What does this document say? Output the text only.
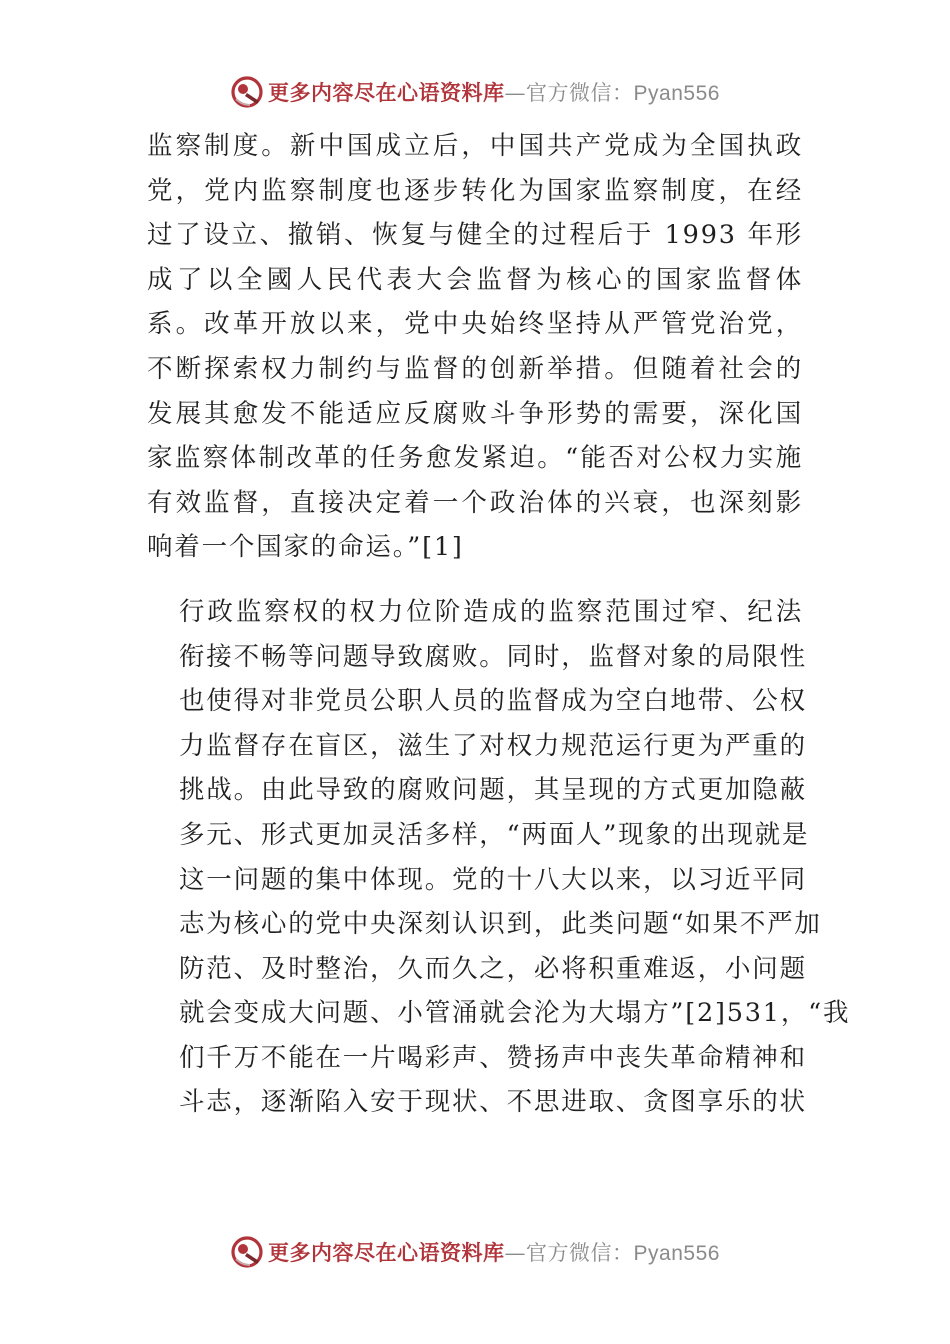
更多内容尽在心语资料库—官方微信：Pyan556

监察制度。新中国成立后，中国共产党成为全国执政
党，党内监察制度也逐步转化为国家监察制度，在经
过了设立、撤销、恢复与健全的过程后于 1993 年形
成了以全國人民代表大会监督为核心的国家监督体
系。改革开放以来，党中央始终坚持从严管党治党，
不断探索权力制约与监督的创新举措。但随着社会的
发展其愈发不能适应反腐败斗争形势的需要，深化国
家监察体制改革的任务愈发紧迫。“能否对公权力实施
有效监督，直接决定着一个政治体的兴衰，也深刻影
响着一个国家的命运。”[1]

行政监察权的权力位阶造成的监察范围过窄、纪法
衔接不畅等问题导致腐败。同时，监督对象的局限性
也使得对非党员公职人员的监督成为空白地带、公权
力监督存在盲区，滋生了对权力规范运行更为严重的
挑战。由此导致的腐败问题，其呈现的方式更加隐蔽
多元、形式更加灵活多样，“两面人”现象的出现就是
这一问题的集中体现。党的十八大以来，以习近平同
志为核心的党中央深刻认识到，此类问题“如果不严加
防范、及时整治，久而久之，必将积重难返，小问题
就会变成大问题、小管涌就会沦为大塌方”[2]531，“我
们千万不能在一片喝彩声、赞扬声中丧失革命精神和
斗志，逐渐陷入安于现状、不思进取、贪图享乐的状

更多内容尽在心语资料库—官方微信：Pyan556
